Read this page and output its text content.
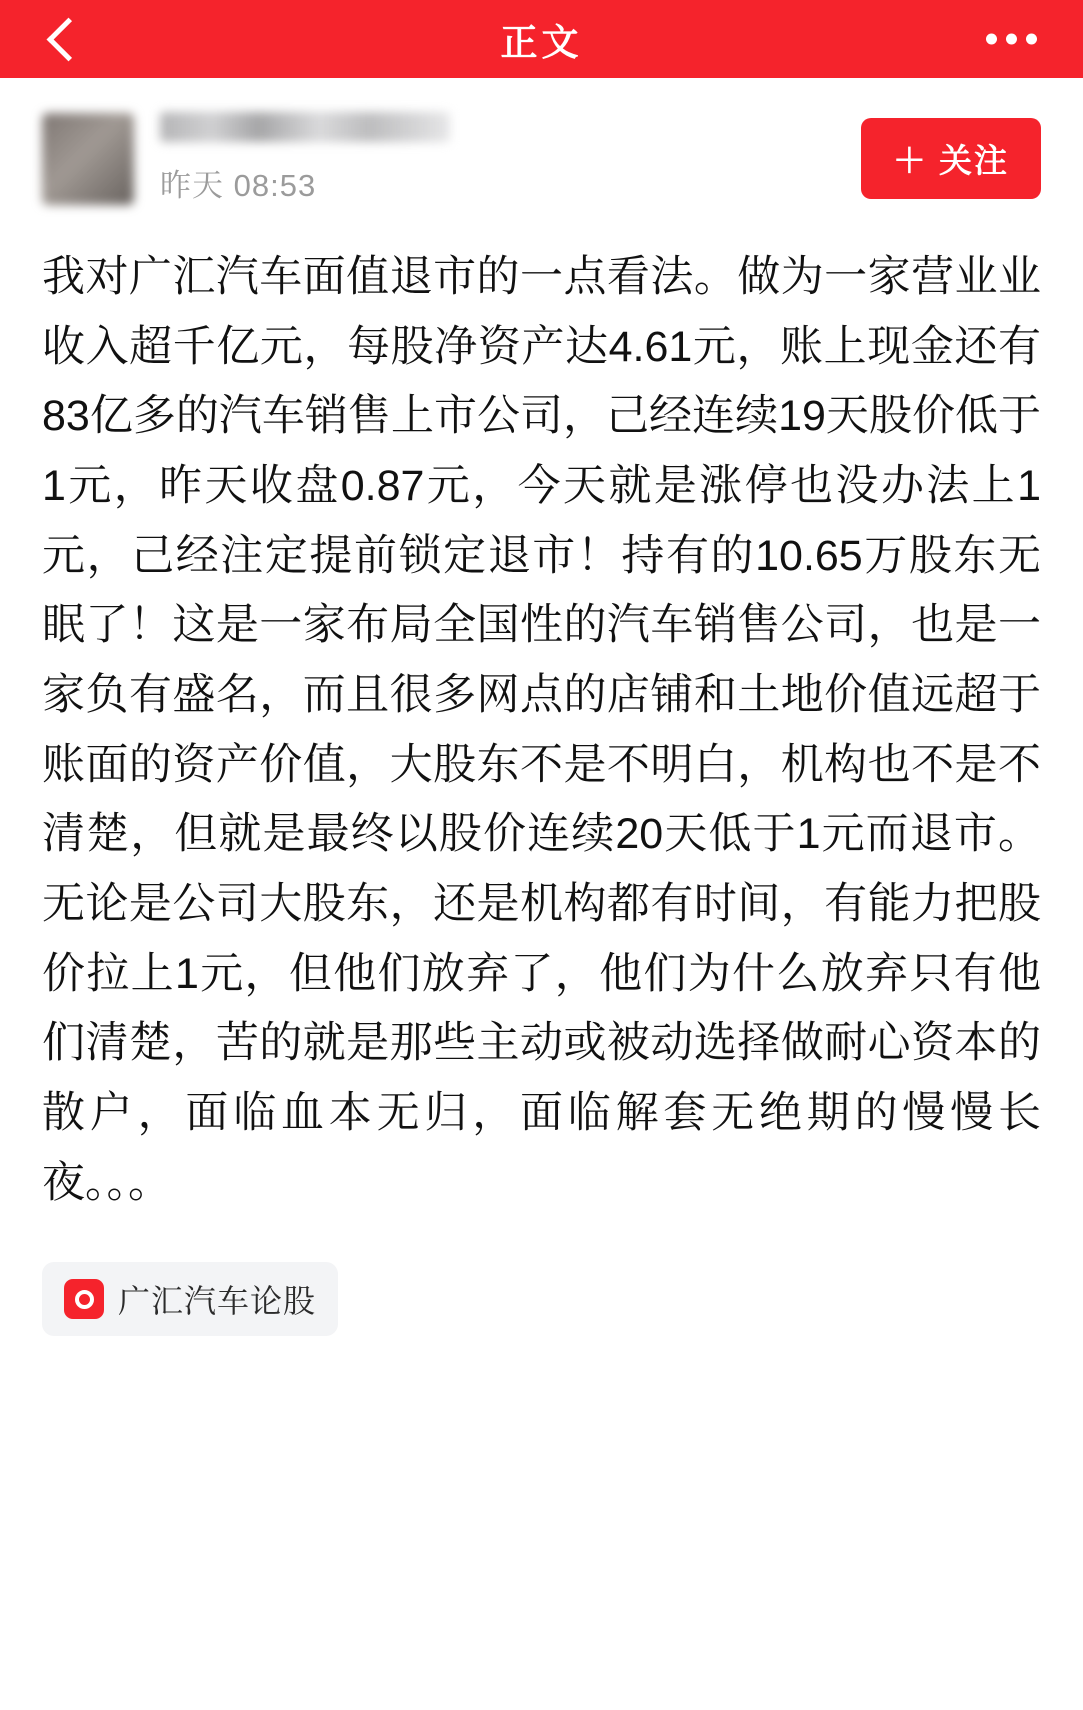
正文
昨天 08:53
＋ 关注
我对广汇汽车面值退市的一点看法。做为一家营业业收入超千亿元，每股净资产达4.61元，账上现金还有83亿多的汽车销售上市公司，己经连续19天股价低于1元，昨天收盘0.87元，今天就是涨停也没办法上1元，己经注定提前锁定退市！持有的10.65万股东无眠了！这是一家布局全国性的汽车销售公司，也是一家负有盛名，而且很多网点的店铺和土地价值远超于账面的资产价值，大股东不是不明白，机构也不是不清楚，但就是最终以股价连续20天低于1元而退市。无论是公司大股东，还是机构都有时间，有能力把股价拉上1元，但他们放弃了，他们为什么放弃只有他们清楚，苦的就是那些主动或被动选择做耐心资本的散户，面临血本无归，面临解套无绝期的慢慢长夜。。。
广汇汽车论股
